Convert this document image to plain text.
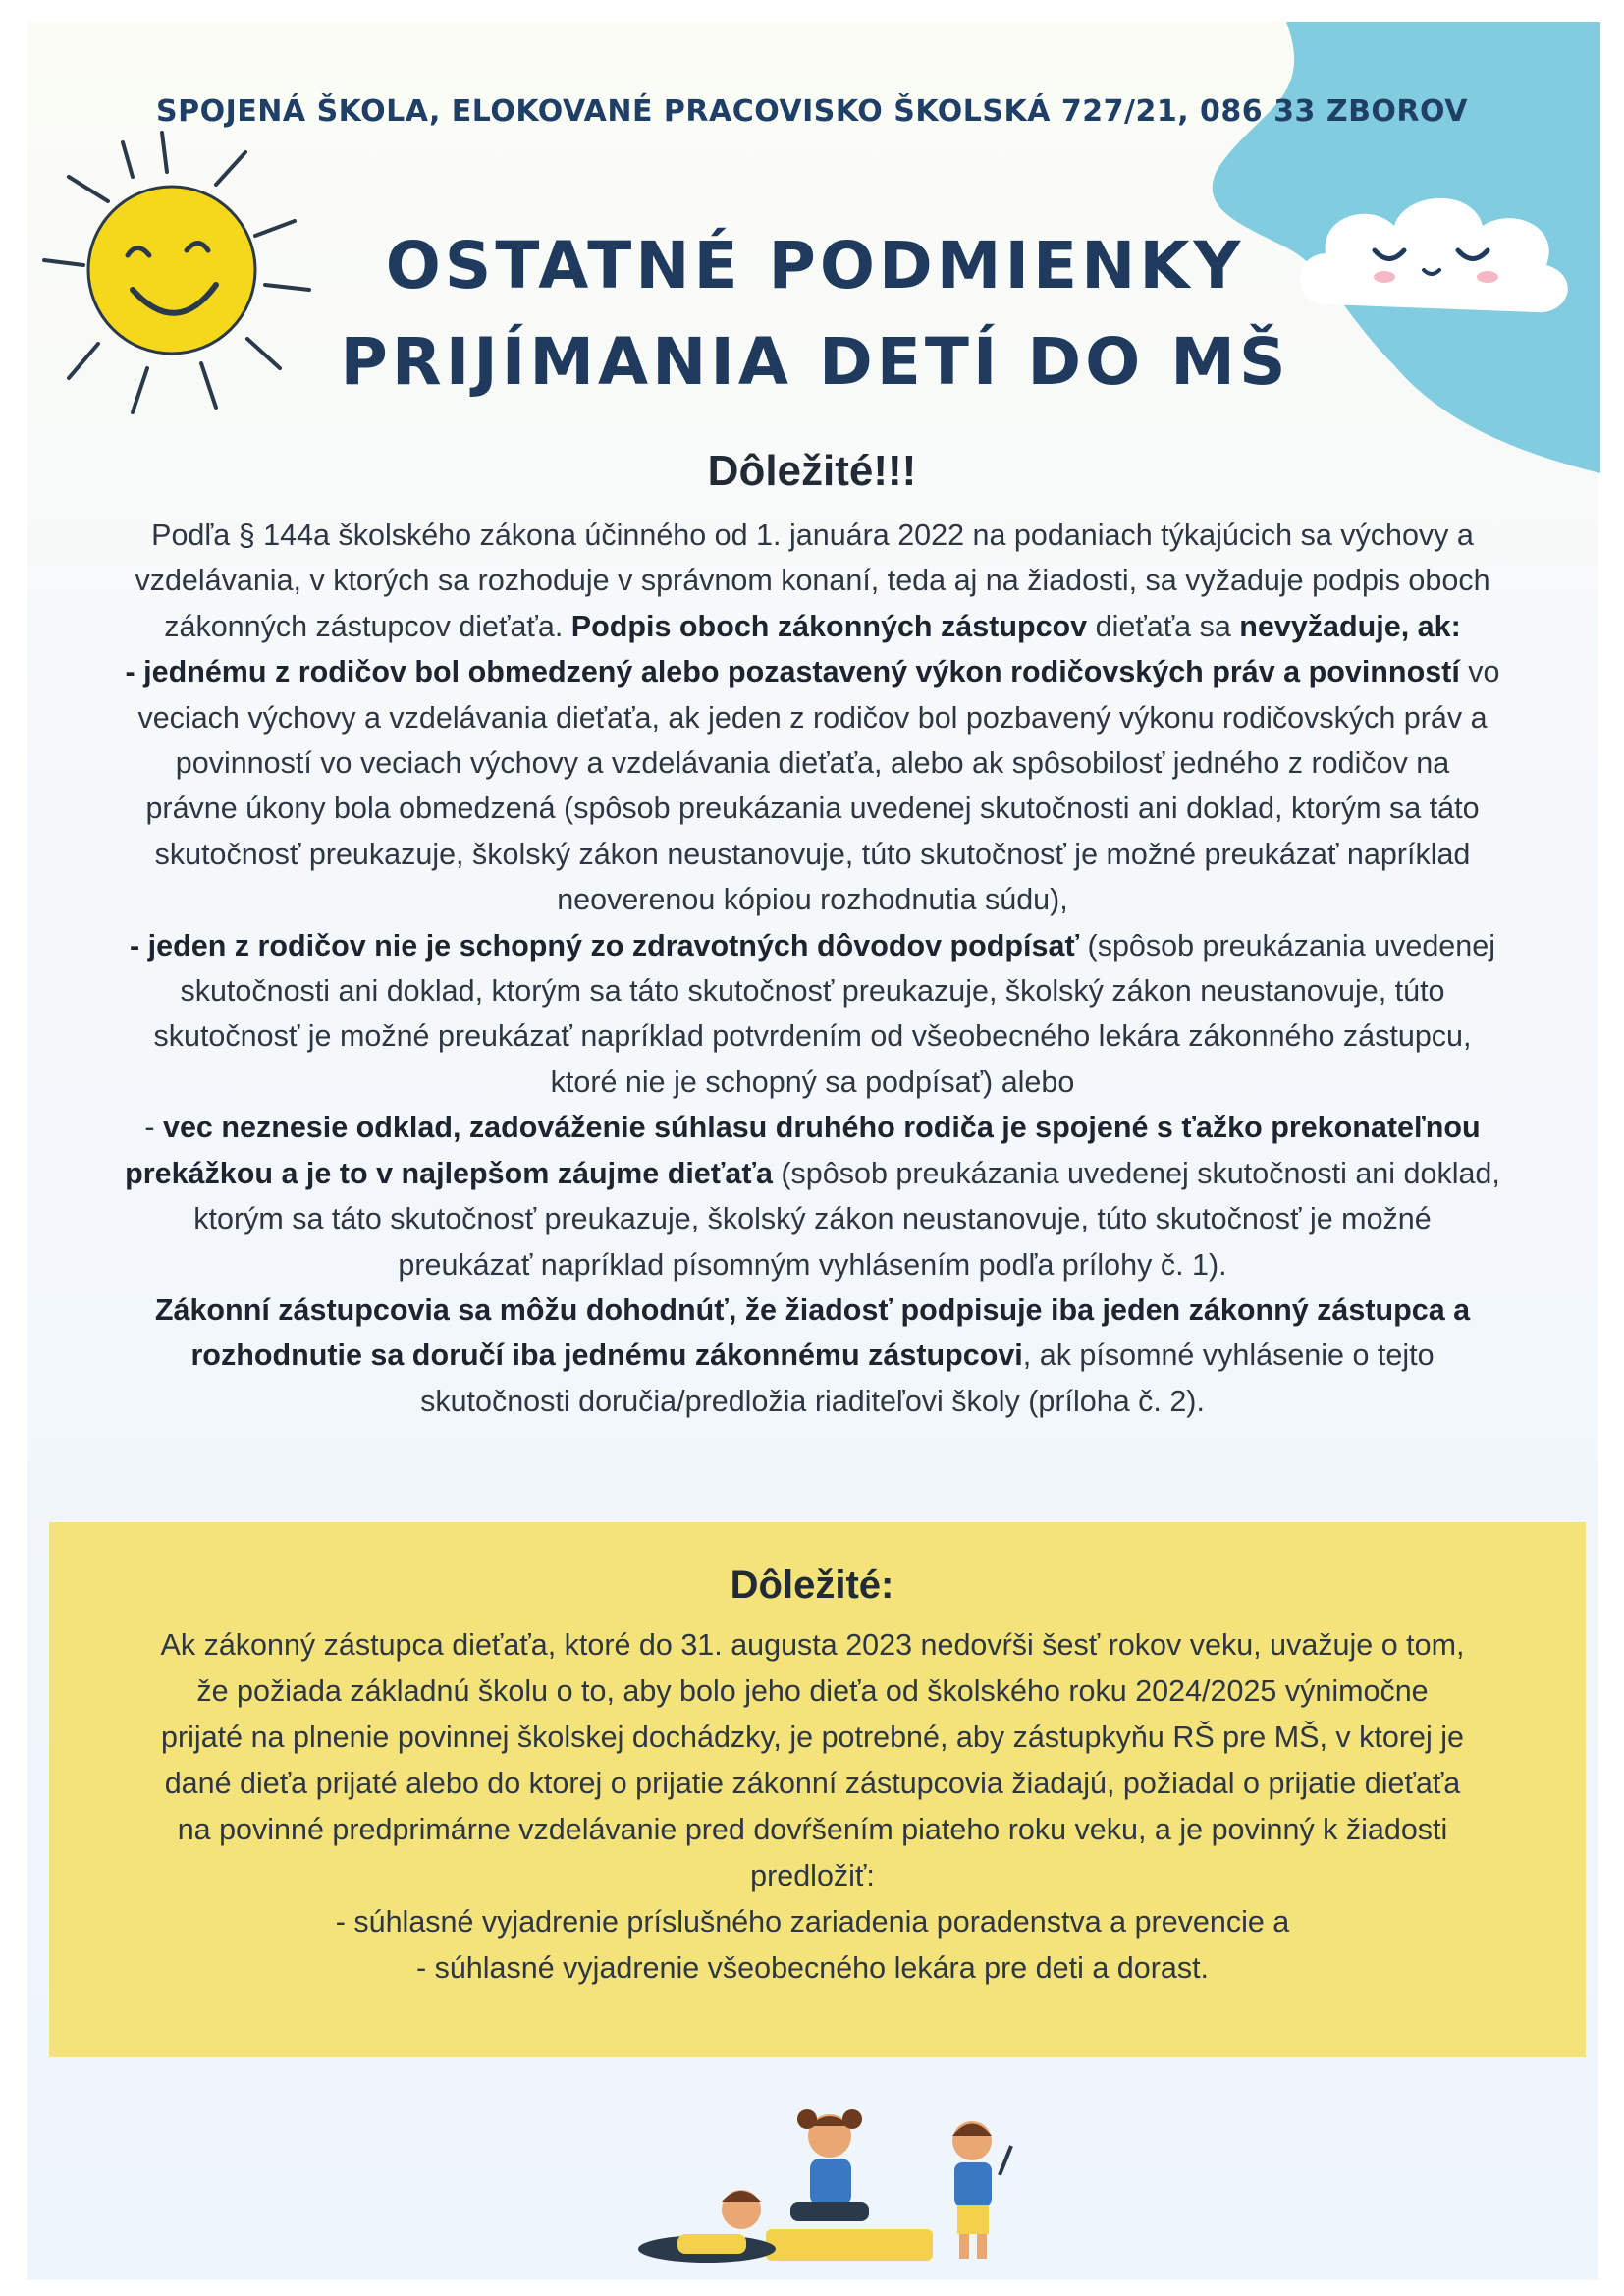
SPOJENÁ ŠKOLA, ELOKOVANÉ PRACOVISKO ŠKOLSKÁ 727/21, 086 33 ZBOROV
OSTATNÉ PODMIENKY
PRIJÍMANIA DETÍ DO MŠ
Dôležité!!!
Podľa § 144a školského zákona účinného od 1. januára 2022 na podaniach týkajúcich sa výchovy a
vzdelávania, v ktorých sa rozhoduje v správnom konaní, teda aj na žiadosti, sa vyžaduje podpis oboch
zákonných zástupcov dieťaťa. Podpis oboch zákonných zástupcov dieťaťa sa nevyžaduje, ak:
- jednému z rodičov bol obmedzený alebo pozastavený výkon rodičovských práv a povinností vo
veciach výchovy a vzdelávania dieťaťa, ak jeden z rodičov bol pozbavený výkonu rodičovských práv a
povinností vo veciach výchovy a vzdelávania dieťaťa, alebo ak spôsobilosť jedného z rodičov na
právne úkony bola obmedzená (spôsob preukázania uvedenej skutočnosti ani doklad, ktorým sa táto
skutočnosť preukazuje, školský zákon neustanovuje, túto skutočnosť je možné preukázať napríklad
neoverenou kópiou rozhodnutia súdu),
- jeden z rodičov nie je schopný zo zdravotných dôvodov podpísať (spôsob preukázania uvedenej
skutočnosti ani doklad, ktorým sa táto skutočnosť preukazuje, školský zákon neustanovuje, túto
skutočnosť je možné preukázať napríklad potvrdením od všeobecného lekára zákonného zástupcu,
ktoré nie je schopný sa podpísať) alebo
- vec neznesie odklad, zadováženie súhlasu druhého rodiča je spojené s ťažko prekonateľnou
prekážkou a je to v najlepšom záujme dieťaťa (spôsob preukázania uvedenej skutočnosti ani doklad,
ktorým sa táto skutočnosť preukazuje, školský zákon neustanovuje, túto skutočnosť je možné
preukázať napríklad písomným vyhlásením podľa prílohy č. 1).
Zákonní zástupcovia sa môžu dohodnúť, že žiadosť podpisuje iba jeden zákonný zástupca a
rozhodnutie sa doručí iba jednému zákonnému zástupcovi, ak písomné vyhlásenie o tejto
skutočnosti doručia/predložia riaditeľovi školy (príloha č. 2).
Dôležité:
Ak zákonný zástupca dieťaťa, ktoré do 31. augusta 2023 nedovŕši šesť rokov veku, uvažuje o tom,
že požiada základnú školu o to, aby bolo jeho dieťa od školského roku 2024/2025 výnimočne
prijaté na plnenie povinnej školskej dochádzky, je potrebné, aby zástupkyňu RŠ pre MŠ, v ktorej je
dané dieťa prijaté alebo do ktorej o prijatie zákonní zástupcovia žiadajú, požiadal o prijatie dieťaťa
na povinné predprimárne vzdelávanie pred dovŕšením piateho roku veku, a je povinný k žiadosti
predložiť:
- súhlasné vyjadrenie príslušného zariadenia poradenstva a prevencie a
- súhlasné vyjadrenie všeobecného lekára pre deti a dorast.
